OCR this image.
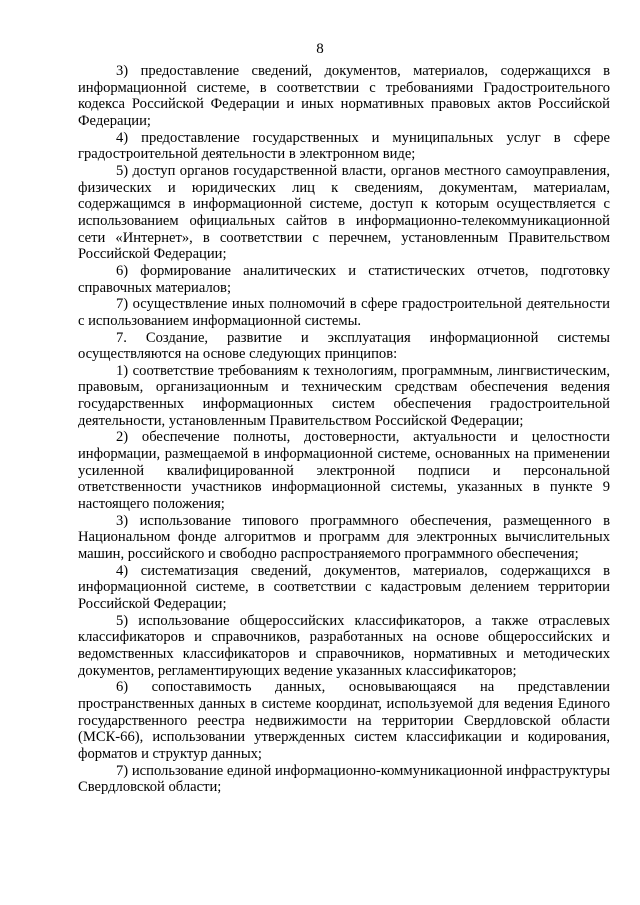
8

3) предоставление сведений, документов, материалов, содержащихся в информационной системе, в соответствии с требованиями Градостроительного кодекса Российской Федерации и иных нормативных правовых актов Российской Федерации;

4) предоставление государственных и муниципальных услуг в сфере градостроительной деятельности в электронном виде;

5) доступ органов государственной власти, органов местного самоуправления, физических и юридических лиц к сведениям, документам, материалам, содержащимся в информационной системе, доступ к которым осуществляется с использованием официальных сайтов в информационно-телекоммуникационной сети «Интернет», в соответствии с перечнем, установленным Правительством Российской Федерации;

6) формирование аналитических и статистических отчетов, подготовку справочных материалов;

7) осуществление иных полномочий в сфере градостроительной деятельности с использованием информационной системы.

7. Создание, развитие и эксплуатация информационной системы осуществляются на основе следующих принципов:

1) соответствие требованиям к технологиям, программным, лингвистическим, правовым, организационным и техническим средствам обеспечения ведения государственных информационных систем обеспечения градостроительной деятельности, установленным Правительством Российской Федерации;

2) обеспечение полноты, достоверности, актуальности и целостности информации, размещаемой в информационной системе, основанных на применении усиленной квалифицированной электронной подписи и персональной ответственности участников информационной системы, указанных в пункте 9 настоящего положения;

3) использование типового программного обеспечения, размещенного в Национальном фонде алгоритмов и программ для электронных вычислительных машин, российского и свободно распространяемого программного обеспечения;

4) систематизация сведений, документов, материалов, содержащихся в информационной системе, в соответствии с кадастровым делением территории Российской Федерации;

5) использование общероссийских классификаторов, а также отраслевых классификаторов и справочников, разработанных на основе общероссийских и ведомственных классификаторов и справочников, нормативных и методических документов, регламентирующих ведение указанных классификаторов;

6) сопоставимость данных, основывающаяся на представлении пространственных данных в системе координат, используемой для ведения Единого государственного реестра недвижимости на территории Свердловской области (МСК-66), использовании утвержденных систем классификации и кодирования, форматов и структур данных;

7) использование единой информационно-коммуникационной инфраструктуры Свердловской области;
